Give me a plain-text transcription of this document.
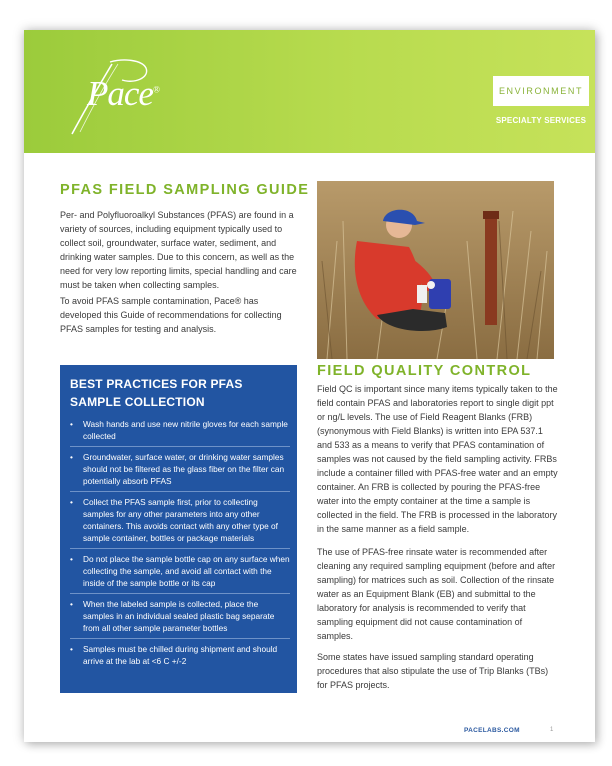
Pace®	ENVIRONMENT
SPECIALTY SERVICES
PFAS FIELD SAMPLING GUIDE

Per- and Polyfluoroalkyl Substances (PFAS) are found in a variety of sources, including equipment typically used to collect soil, groundwater, surface water, sediment, and drinking water samples. Due to this concern, as well as the need for very low reporting limits, special handling and care must be taken when collecting samples.

To avoid PFAS sample contamination, Pace® has developed this Guide of recommendations for collecting PFAS samples for testing and analysis.

BEST PRACTICES FOR PFAS SAMPLE COLLECTION
• Wash hands and use new nitrile gloves for each sample collected
• Groundwater, surface water, or drinking water samples should not be filtered as the glass fiber on the filter can potentially absorb PFAS
• Collect the PFAS sample first, prior to collecting samples for any other parameters into any other containers. This avoids contact with any other type of sample container, bottles or package materials
• Do not place the sample bottle cap on any surface when collecting the sample, and avoid all contact with the inside of the sample bottle or its cap
• When the labeled sample is collected, place the samples in an individual sealed plastic bag separate from all other sample parameter bottles
• Samples must be chilled during shipment and should arrive at the lab at <6 C +/-2
FIELD QUALITY CONTROL

Field QC is important since many items typically taken to the field contain PFAS and laboratories report to single digit ppt or ng/L levels. The use of Field Reagent Blanks (FRB) (synonymous with Field Blanks) is written into EPA 537.1 and 533 as a means to verify that PFAS contamination of samples was not caused by the field sampling activity. FRBs include a container filled with PFAS-free water and an empty container. An FRB is collected by pouring the PFAS-free water into the empty container at the time a sample is collected in the field. The FRB is processed in the laboratory in the same manner as a field sample.

The use of PFAS-free rinsate water is recommended after cleaning any required sampling equipment (before and after sampling) for matrices such as soil. Collection of the rinsate water as an Equipment Blank (EB) and submittal to the laboratory for analysis is recommended to verify that sampling equipment did not cause contamination of samples.

Some states have issued sampling standard operating procedures that also stipulate the use of Trip Blanks (TBs) for PFAS projects.

PACELABS.COM	1
